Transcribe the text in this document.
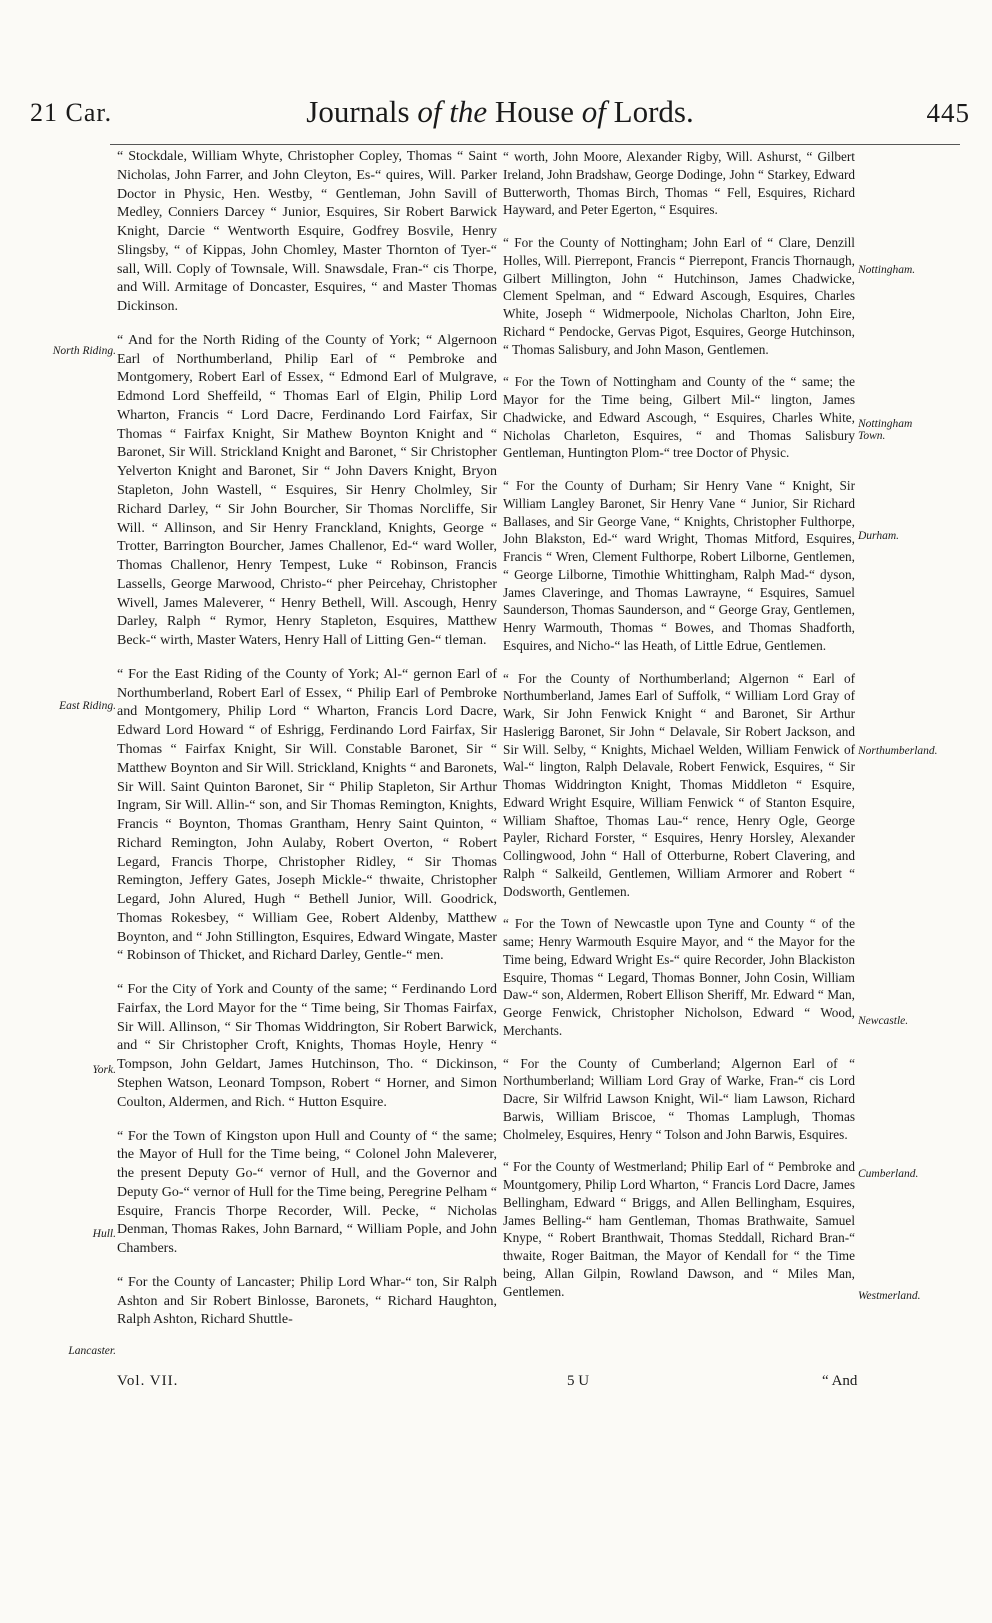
21 Car.	Journals of the House of Lords.	445

“ Stockdale, William Whyte, Christopher Copley, Thomas “ Saint Nicholas, John Farrer, and John Cleyton, Es-“ quires, Will. Parker Doctor in Physic, Hen. Westby, “ Gentleman, John Savill of Medley, Conniers Darcey “ Junior, Esquires, Sir Robert Barwick Knight, Darcie “ Wentworth Esquire, Godfrey Bosvile, Henry Slingsby, “ of Kippas, John Chomley, Master Thornton of Tyer-“ sall, Will. Coply of Townsale, Will. Snawsdale, Fran-“ cis Thorpe, and Will. Armitage of Doncaster, Esquires, “ and Master Thomas Dickinson.

“ And for the North Riding of the County of York; “ Algernoon Earl of Northumberland, Philip Earl of “ Pembroke and Montgomery, Robert Earl of Essex, “ Edmond Earl of Mulgrave, Edmond Lord Sheffeild, “ Thomas Earl of Elgin, Philip Lord Wharton, Francis “ Lord Dacre, Ferdinando Lord Fairfax, Sir Thomas “ Fairfax Knight, Sir Mathew Boynton Knight and “ Baronet, Sir Will. Strickland Knight and Baronet, “ Sir Christopher Yelverton Knight and Baronet, Sir “ John Davers Knight, Bryon Stapleton, John Wastell, “ Esquires, Sir Henry Cholmley, Sir Richard Darley, “ Sir John Bourcher, Sir Thomas Norcliffe, Sir Will. “ Allinson, and Sir Henry Franckland, Knights, George “ Trotter, Barrington Bourcher, James Challenor, Ed-“ ward Woller, Thomas Challenor, Henry Tempest, Luke “ Robinson, Francis Lassells, George Marwood, Christo-“ pher Peircehay, Christopher Wivell, James Maleverer, “ Henry Bethell, Will. Ascough, Henry Darley, Ralph “ Rymor, Henry Stapleton, Esquires, Matthew Beck-“ wirth, Master Waters, Henry Hall of Litting Gen-“ tleman.

“ For the East Riding of the County of York; Al-“ gernon Earl of Northumberland, Robert Earl of Essex, “ Philip Earl of Pembroke and Montgomery, Philip Lord “ Wharton, Francis Lord Dacre, Edward Lord Howard “ of Eshrigg, Ferdinando Lord Fairfax, Sir Thomas “ Fairfax Knight, Sir Will. Constable Baronet, Sir “ Matthew Boynton and Sir Will. Strickland, Knights “ and Baronets, Sir Will. Saint Quinton Baronet, Sir “ Philip Stapleton, Sir Arthur Ingram, Sir Will. Allin-“ son, and Sir Thomas Remington, Knights, Francis “ Boynton, Thomas Grantham, Henry Saint Quinton, “ Richard Remington, John Aulaby, Robert Overton, “ Robert Legard, Francis Thorpe, Christopher Ridley, “ Sir Thomas Remington, Jeffery Gates, Joseph Mickle-“ thwaite, Christopher Legard, John Alured, Hugh “ Bethell Junior, Will. Goodrick, Thomas Rokesbey, “ William Gee, Robert Aldenby, Matthew Boynton, and “ John Stillington, Esquires, Edward Wingate, Master “ Robinson of Thicket, and Richard Darley, Gentle-“ men.

“ For the City of York and County of the same; “ Ferdinando Lord Fairfax, the Lord Mayor for the “ Time being, Sir Thomas Fairfax, Sir Will. Allinson, “ Sir Thomas Widdrington, Sir Robert Barwick, and “ Sir Christopher Croft, Knights, Thomas Hoyle, Henry “ Tompson, John Geldart, James Hutchinson, Tho. “ Dickinson, Stephen Watson, Leonard Tompson, Robert “ Horner, and Simon Coulton, Aldermen, and Rich. “ Hutton Esquire.

“ For the Town of Kingston upon Hull and County of “ the same; the Mayor of Hull for the Time being, “ Colonel John Maleverer, the present Deputy Go-“ vernor of Hull, and the Governor and Deputy Go-“ vernor of Hull for the Time being, Peregrine Pelham “ Esquire, Francis Thorpe Recorder, Will. Pecke, “ Nicholas Denman, Thomas Rakes, John Barnard, “ William Pople, and John Chambers.

“ For the County of Lancaster; Philip Lord Whar-“ ton, Sir Ralph Ashton and Sir Robert Binlosse, Baronets, “ Richard Haughton, Ralph Ashton, Richard Shuttle-

“ worth, John Moore, Alexander Rigby, Will. Ashurst, “ Gilbert Ireland, John Bradshaw, George Dodinge, John “ Starkey, Edward Butterworth, Thomas Birch, Thomas “ Fell, Esquires, Richard Hayward, and Peter Egerton, “ Esquires.

“ For the County of Nottingham; John Earl of “ Clare, Denzill Holles, Will. Pierrepont, Francis “ Pierrepont, Francis Thornaugh, Gilbert Millington, John “ Hutchinson, James Chadwicke, Clement Spelman, and “ Edward Ascough, Esquires, Charles White, Joseph “ Widmerpoole, Nicholas Charlton, John Eire, Richard “ Pendocke, Gervas Pigot, Esquires, George Hutchinson, “ Thomas Salisbury, and John Mason, Gentlemen.

“ For the Town of Nottingham and County of the “ same; the Mayor for the Time being, Gilbert Mil-“ lington, James Chadwicke, and Edward Ascough, “ Esquires, Charles White, Nicholas Charleton, Esquires, “ and Thomas Salisbury Gentleman, Huntington Plom-“ tree Doctor of Physic.

“ For the County of Durham; Sir Henry Vane “ Knight, Sir William Langley Baronet, Sir Henry Vane “ Junior, Sir Richard Ballases, and Sir George Vane, “ Knights, Christopher Fulthorpe, John Blakston, Ed-“ ward Wright, Thomas Mitford, Esquires, Francis “ Wren, Clement Fulthorpe, Robert Lilborne, Gentlemen, “ George Lilborne, Timothie Whittingham, Ralph Mad-“ dyson, James Claveringe, and Thomas Lawrayne, “ Esquires, Samuel Saunderson, Thomas Saunderson, and “ George Gray, Gentlemen, Henry Warmouth, Thomas “ Bowes, and Thomas Shadforth, Esquires, and Nicho-“ las Heath, of Little Edrue, Gentlemen.

“ For the County of Northumberland; Algernon “ Earl of Northumberland, James Earl of Suffolk, “ William Lord Gray of Wark, Sir John Fenwick Knight “ and Baronet, Sir Arthur Haslerigg Baronet, Sir John “ Delavale, Sir Robert Jackson, and Sir Will. Selby, “ Knights, Michael Welden, William Fenwick of Wal-“ lington, Ralph Delavale, Robert Fenwick, Esquires, “ Sir Thomas Widdrington Knight, Thomas Middleton “ Esquire, Edward Wright Esquire, William Fenwick “ of Stanton Esquire, William Shaftoe, Thomas Lau-“ rence, Henry Ogle, George Payler, Richard Forster, “ Esquires, Henry Horsley, Alexander Collingwood, John “ Hall of Otterburne, Robert Clavering, and Ralph “ Salkeild, Gentlemen, William Armorer and Robert “ Dodsworth, Gentlemen.

“ For the Town of Newcastle upon Tyne and County “ of the same; Henry Warmouth Esquire Mayor, and “ the Mayor for the Time being, Edward Wright Es-“ quire Recorder, John Blackiston Esquire, Thomas “ Legard, Thomas Bonner, John Cosin, William Daw-“ son, Aldermen, Robert Ellison Sheriff, Mr. Edward “ Man, George Fenwick, Christopher Nicholson, Edward “ Wood, Merchants.

“ For the County of Cumberland; Algernon Earl of “ Northumberland; William Lord Gray of Warke, Fran-“ cis Lord Dacre, Sir Wilfrid Lawson Knight, Wil-“ liam Lawson, Richard Barwis, William Briscoe, “ Thomas Lamplugh, Thomas Cholmeley, Esquires, Henry “ Tolson and John Barwis, Esquires.

“ For the County of Westmerland; Philip Earl of “ Pembroke and Mountgomery, Philip Lord Wharton, “ Francis Lord Dacre, James Bellingham, Edward “ Briggs, and Allen Bellingham, Esquires, James Belling-“ ham Gentleman, Thomas Brathwaite, Samuel Knype, “ Robert Branthwait, Thomas Steddall, Richard Bran-“ thwaite, Roger Baitman, the Mayor of Kendall for “ the Time being, Allan Gilpin, Rowland Dawson, and “ Miles Man, Gentlemen.

North Riding.
East Riding.
York.
Hull.
Lancaster.
Nottingham.
Nottingham Town.
Durham.
Northumberland.
Newcastle.
Cumberland.
Westmerland.
Vol. VII.	5 U	“ And
